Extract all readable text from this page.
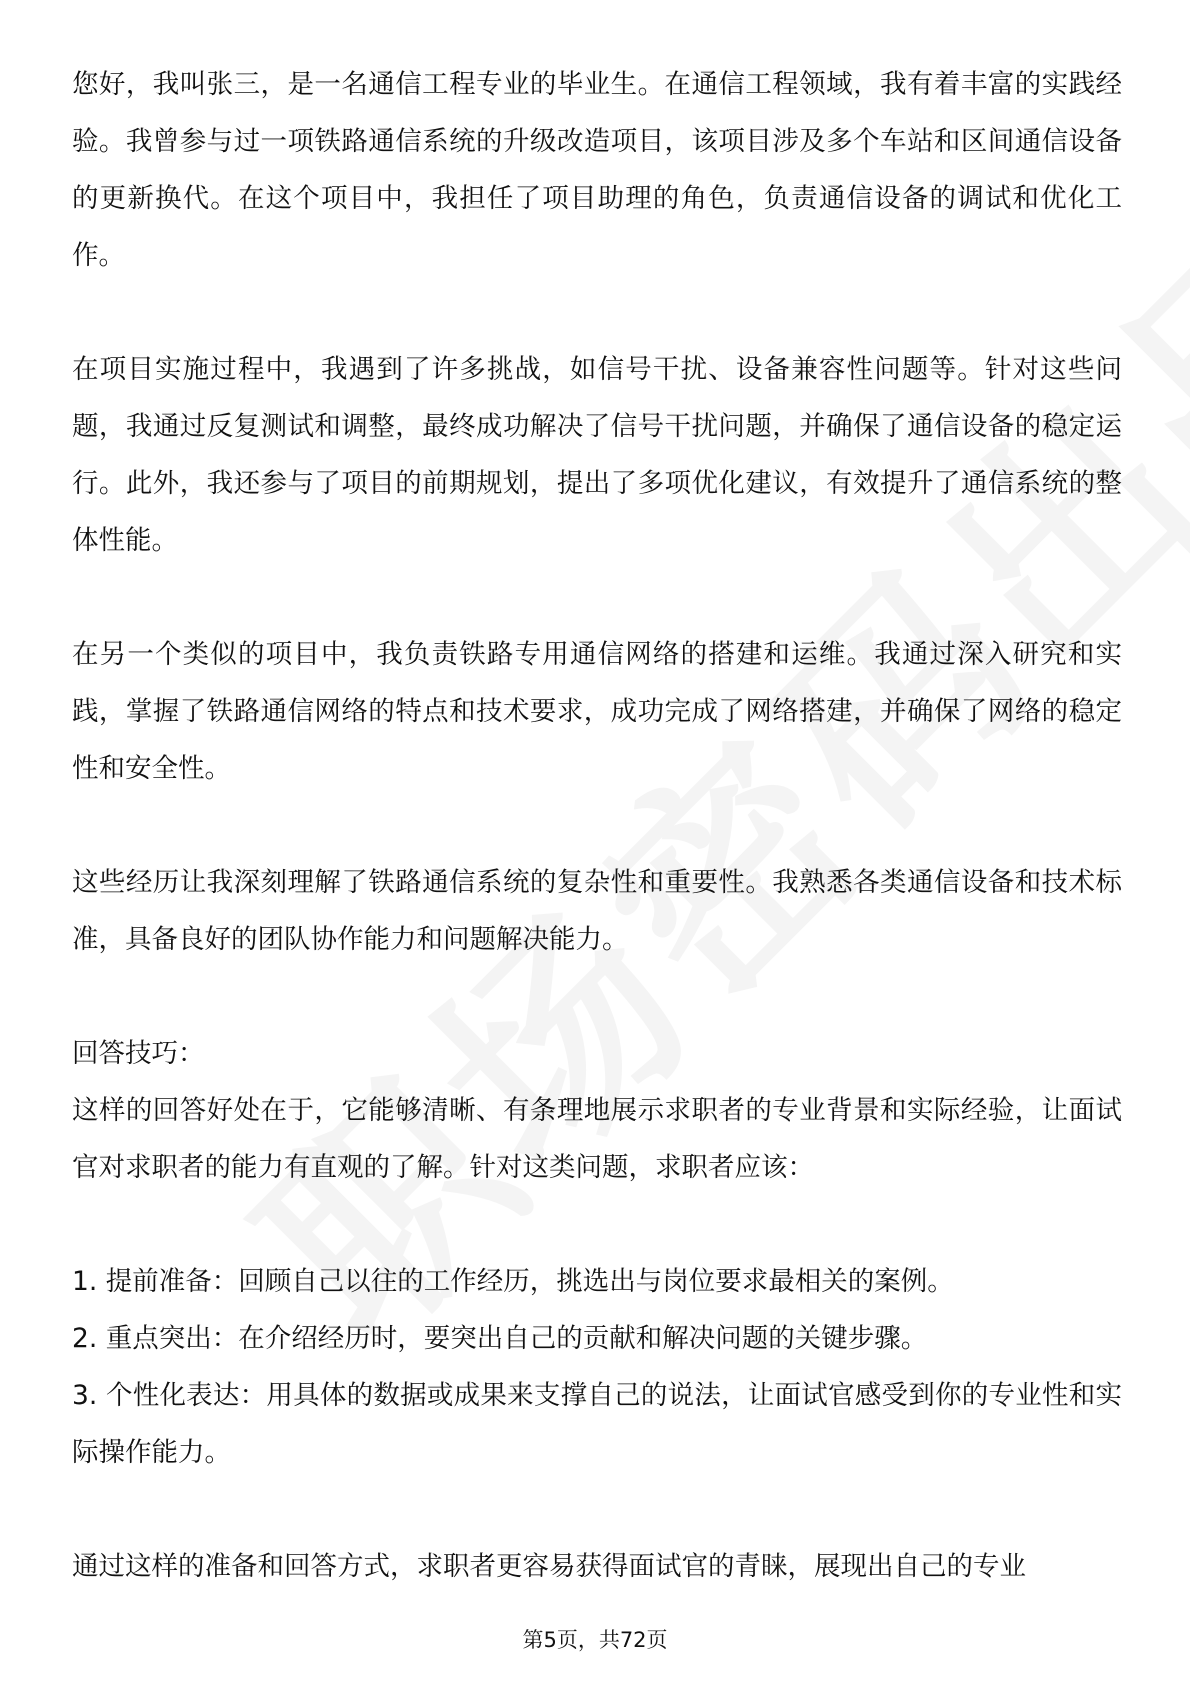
您好，我叫张三，是一名通信工程专业的毕业生。在通信工程领域，我有着丰富的实践经验。我曾参与过一项铁路通信系统的升级改造项目，该项目涉及多个车站和区间通信设备的更新换代。在这个项目中，我担任了项目助理的角色，负责通信设备的调试和优化工作。

在项目实施过程中，我遇到了许多挑战，如信号干扰、设备兼容性问题等。针对这些问题，我通过反复测试和调整，最终成功解决了信号干扰问题，并确保了通信设备的稳定运行。此外，我还参与了项目的前期规划，提出了多项优化建议，有效提升了通信系统的整体性能。

在另一个类似的项目中，我负责铁路专用通信网络的搭建和运维。我通过深入研究和实践，掌握了铁路通信网络的特点和技术要求，成功完成了网络搭建，并确保了网络的稳定性和安全性。

这些经历让我深刻理解了铁路通信系统的复杂性和重要性。我熟悉各类通信设备和技术标准，具备良好的团队协作能力和问题解决能力。

回答技巧：

这样的回答好处在于，它能够清晰、有条理地展示求职者的专业背景和实际经验，让面试官对求职者的能力有直观的了解。针对这类问题，求职者应该：

1. 提前准备：回顾自己以往的工作经历，挑选出与岗位要求最相关的案例。

2. 重点突出：在介绍经历时，要突出自己的贡献和解决问题的关键步骤。

3. 个性化表达：用具体的数据或成果来支撑自己的说法，让面试官感受到你的专业性和实际操作能力。

通过这样的准备和回答方式，求职者更容易获得面试官的青睐，展现出自己的专业

第5页，共72页
